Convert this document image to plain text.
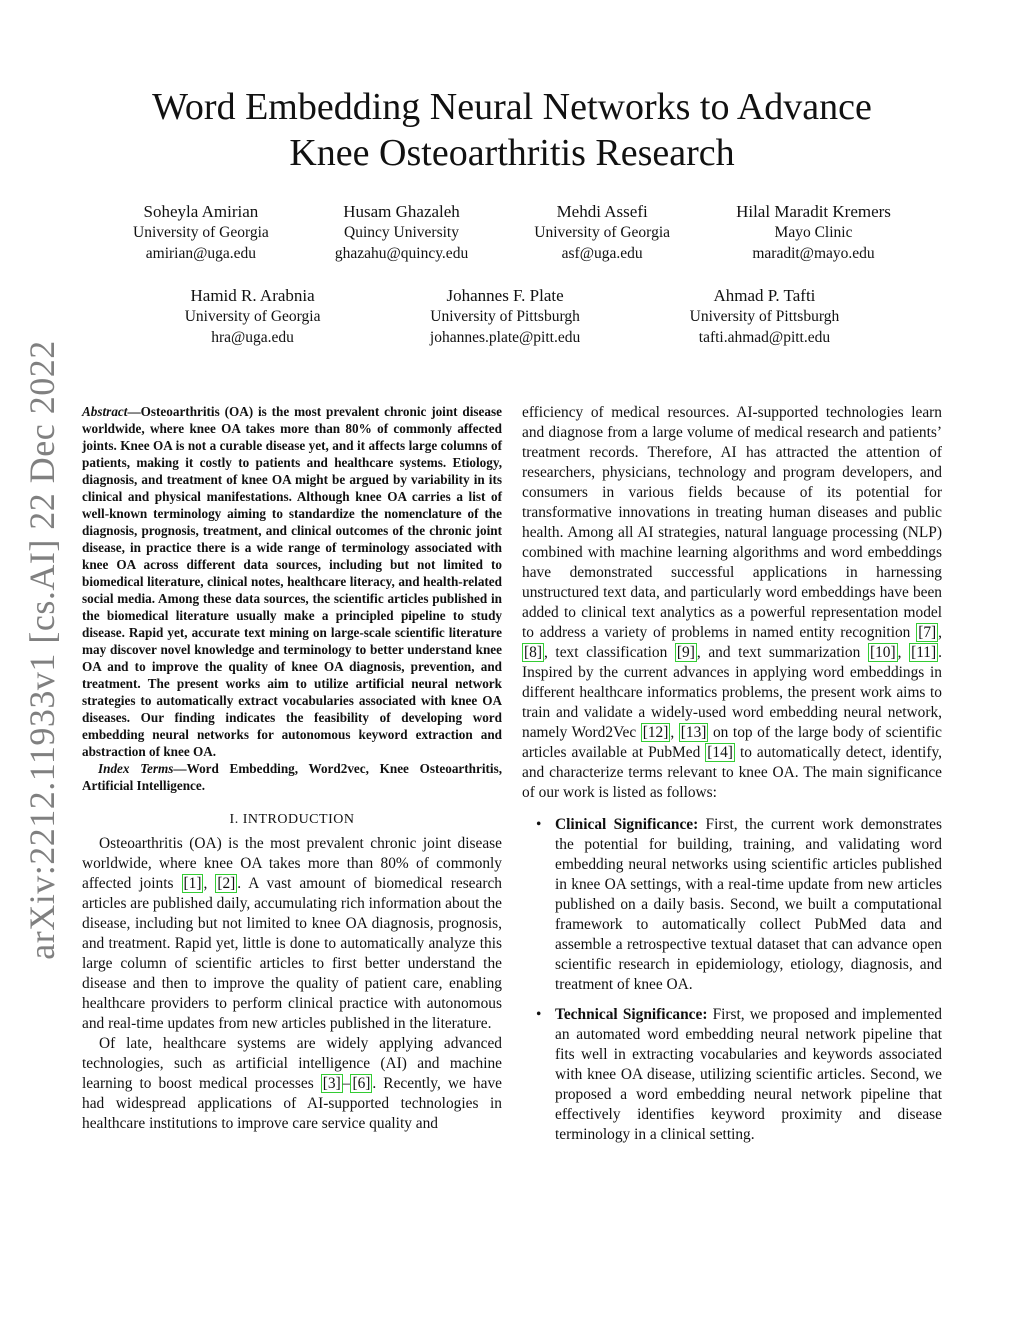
arXiv:2212.11933v1 [cs.AI] 22 Dec 2022
Word Embedding Neural Networks to Advance
Knee Osteoarthritis Research
Soheyla Amirian
University of Georgia
amirian@uga.edu
Husam Ghazaleh
Quincy University
ghazahu@quincy.edu
Mehdi Assefi
University of Georgia
asf@uga.edu
Hilal Maradit Kremers
Mayo Clinic
maradit@mayo.edu
Hamid R. Arabnia
University of Georgia
hra@uga.edu
Johannes F. Plate
University of Pittsburgh
johannes.plate@pitt.edu
Ahmad P. Tafti
University of Pittsburgh
tafti.ahmad@pitt.edu

Abstract—Osteoarthritis (OA) is the most prevalent chronic joint disease worldwide, where knee OA takes more than 80% of commonly affected joints. Knee OA is not a curable disease yet, and it affects large columns of patients, making it costly to patients and healthcare systems. Etiology, diagnosis, and treatment of knee OA might be argued by variability in its clinical and physical manifestations. Although knee OA carries a list of well-known terminology aiming to standardize the nomenclature of the diagnosis, prognosis, treatment, and clinical outcomes of the chronic joint disease, in practice there is a wide range of terminology associated with knee OA across different data sources, including but not limited to biomedical literature, clinical notes, healthcare literacy, and health-related social media. Among these data sources, the scientific articles published in the biomedical literature usually make a principled pipeline to study disease. Rapid yet, accurate text mining on large-scale scientific literature may discover novel knowledge and terminology to better understand knee OA and to improve the quality of knee OA diagnosis, prevention, and treatment. The present works aim to utilize artificial neural network strategies to automatically extract vocabularies associated with knee OA diseases. Our finding indicates the feasibility of developing word embedding neural networks for autonomous keyword extraction and abstraction of knee OA.

Index Terms—Word Embedding, Word2vec, Knee Osteoarthritis, Artificial Intelligence.

I. INTRODUCTION

Osteoarthritis (OA) is the most prevalent chronic joint disease worldwide, where knee OA takes more than 80% of commonly affected joints [1] , [2] . A vast amount of biomedical research articles are published daily, accumulating rich information about the disease, including but not limited to knee OA diagnosis, prognosis, and treatment. Rapid yet, little is done to automatically analyze this large column of scientific articles to first better understand the disease and then to improve the quality of patient care, enabling healthcare providers to perform clinical practice with autonomous and real-time updates from new articles published in the literature.

Of late, healthcare systems are widely applying advanced technologies, such as artificial intelligence (AI) and machine learning to boost medical processes [3] – [6] . Recently, we have had widespread applications of AI-supported technologies in healthcare institutions to improve care service quality and

efficiency of medical resources. AI-supported technologies learn and diagnose from a large volume of medical research and patients’ treatment records. Therefore, AI has attracted the attention of researchers, physicians, technology and program developers, and consumers in various fields because of its potential for transformative innovations in treating human diseases and public health. Among all AI strategies, natural language processing (NLP) combined with machine learning algorithms and word embeddings have demonstrated successful applications in harnessing unstructured text data, and particularly word embeddings have been added to clinical text analytics as a powerful representation model to address a variety of problems in named entity recognition [7] , [8] , text classification [9] , and text summarization [10] , [11] . Inspired by the current advances in applying word embeddings in different healthcare informatics problems, the present work aims to train and validate a widely-used word embedding neural network, namely Word2Vec [12] , [13] on top of the large body of scientific articles available at PubMed [14] to automatically detect, identify, and characterize terms relevant to knee OA. The main significance of our work is listed as follows:

• Clinical Significance: First, the current work demonstrates the potential for building, training, and validating word embedding neural networks using scientific articles published in knee OA settings, with a real-time update from new articles published on a daily basis. Second, we built a computational framework to automatically collect PubMed data and assemble a retrospective textual dataset that can advance open scientific research in epidemiology, etiology, diagnosis, and treatment of knee OA.
• Technical Significance: First, we proposed and implemented an automated word embedding neural network pipeline that fits well in extracting vocabularies and keywords associated with knee OA disease, utilizing scientific articles. Second, we proposed a word embedding neural network pipeline that effectively identifies keyword proximity and disease terminology in a clinical setting.
